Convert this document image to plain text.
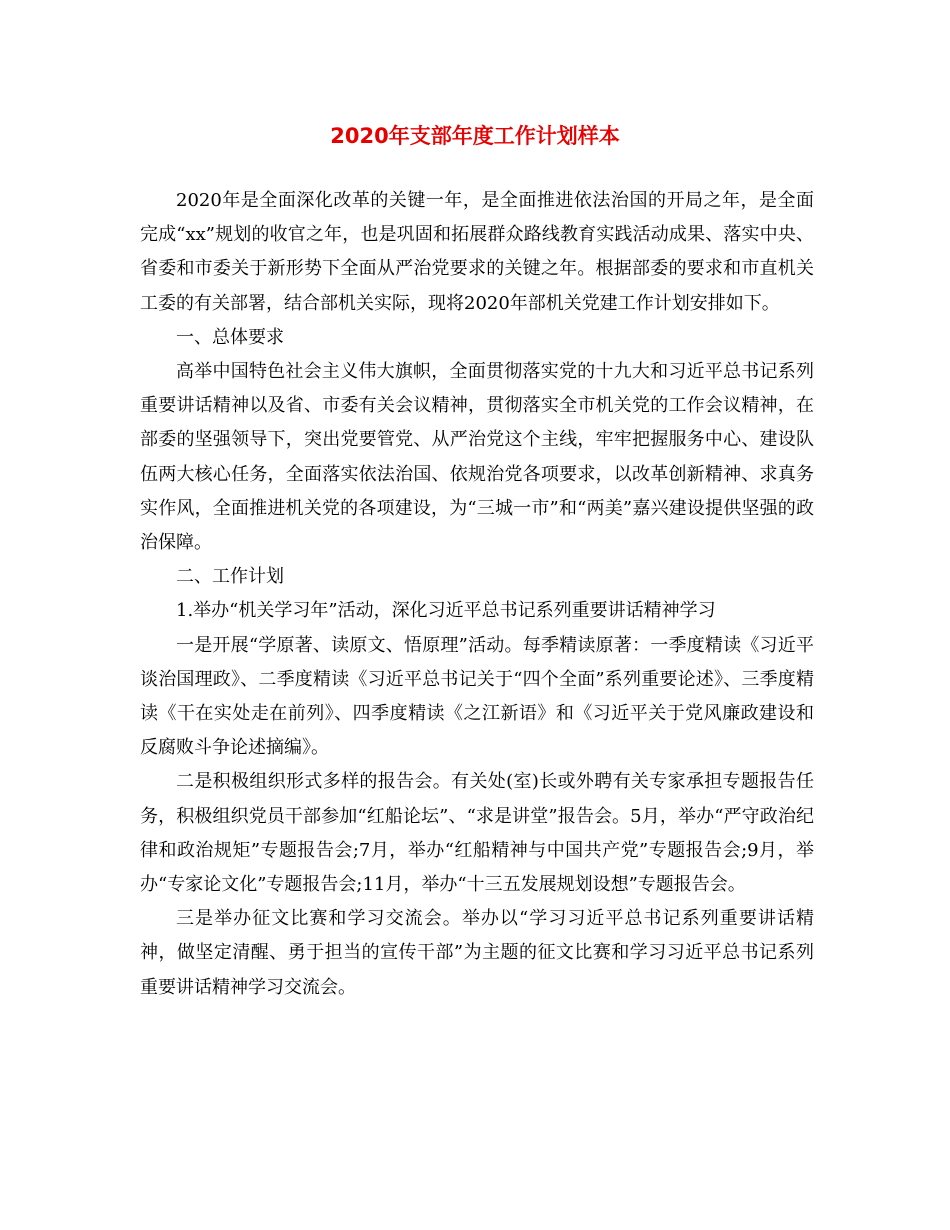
2020年支部年度工作计划样本

2020年是全面深化改革的关键一年，是全面推进依法治国的开局之年，是全面完成“xx”规划的收官之年，也是巩固和拓展群众路线教育实践活动成果、落实中央、省委和市委关于新形势下全面从严治党要求的关键之年。根据部委的要求和市直机关工委的有关部署，结合部机关实际，现将2020年部机关党建工作计划安排如下。

一、总体要求

高举中国特色社会主义伟大旗帜，全面贯彻落实党的十九大和习近平总书记系列重要讲话精神以及省、市委有关会议精神，贯彻落实全市机关党的工作会议精神，在部委的坚强领导下，突出党要管党、从严治党这个主线，牢牢把握服务中心、建设队伍两大核心任务，全面落实依法治国、依规治党各项要求，以改革创新精神、求真务实作风，全面推进机关党的各项建设，为“三城一市”和“两美”嘉兴建设提供坚强的政治保障。

二、工作计划

1.举办“机关学习年”活动，深化习近平总书记系列重要讲话精神学习

一是开展“学原著、读原文、悟原理”活动。每季精读原著：一季度精读《习近平谈治国理政》、二季度精读《习近平总书记关于“四个全面”系列重要论述》、三季度精读《干在实处走在前列》、四季度精读《之江新语》和《习近平关于党风廉政建设和反腐败斗争论述摘编》。

二是积极组织形式多样的报告会。有关处(室)长或外聘有关专家承担专题报告任务，积极组织党员干部参加“红船论坛”、“求是讲堂”报告会。5月，举办“严守政治纪律和政治规矩”专题报告会;7月，举办“红船精神与中国共产党”专题报告会;9月，举办“专家论文化”专题报告会;11月，举办“十三五发展规划设想”专题报告会。

三是举办征文比赛和学习交流会。举办以“学习习近平总书记系列重要讲话精神，做坚定清醒、勇于担当的宣传干部”为主题的征文比赛和学习习近平总书记系列重要讲话精神学习交流会。
